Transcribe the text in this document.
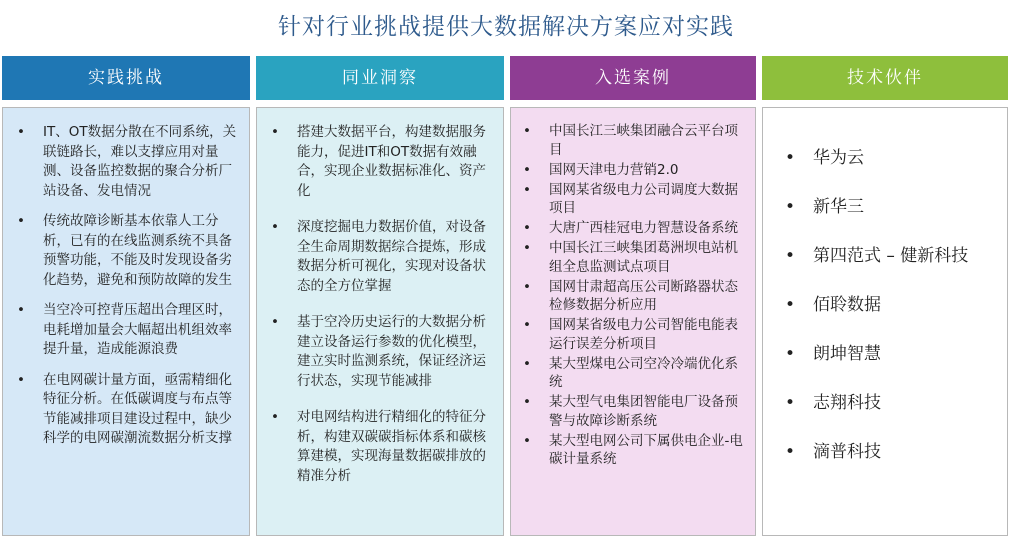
针对行业挑战提供大数据解决方案应对实践
实践挑战
• IT、OT数据分散在不同系统，关联链路长，难以支撑应用对量测、设备监控数据的聚合分析厂站设备、发电情况
• 传统故障诊断基本依靠人工分析，已有的在线监测系统不具备预警功能，不能及时发现设备劣化趋势，避免和预防故障的发生
• 当空冷可控背压超出合理区时，电耗增加量会大幅超出机组效率提升量，造成能源浪费
• 在电网碳计量方面，亟需精细化特征分析。在低碳调度与布点等节能减排项目建设过程中，缺少科学的电网碳潮流数据分析支撑
同业洞察
• 搭建大数据平台，构建数据服务能力，促进IT和OT数据有效融合，实现企业数据标准化、资产化
• 深度挖掘电力数据价值，对设备全生命周期数据综合提炼，形成数据分析可视化，实现对设备状态的全方位掌握
• 基于空冷历史运行的大数据分析建立设备运行参数的优化模型，建立实时监测系统，保证经济运行状态，实现节能减排
• 对电网结构进行精细化的特征分析，构建双碳碳指标体系和碳核算建模，实现海量数据碳排放的精准分析
入选案例
• 中国长江三峡集团融合云平台项目
• 国网天津电力营销2.0
• 国网某省级电力公司调度大数据项目
• 大唐广西桂冠电力智慧设备系统
• 中国长江三峡集团葛洲坝电站机组全息监测试点项目
• 国网甘肃超高压公司断路器状态检修数据分析应用
• 国网某省级电力公司智能电能表运行误差分析项目
• 某大型煤电公司空冷冷端优化系统
• 某大型气电集团智能电厂设备预警与故障诊断系统
• 某大型电网公司下属供电企业-电碳计量系统
技术伙伴
• 华为云
• 新华三
• 第四范式 – 健新科技
• 佰聆数据
• 朗坤智慧
• 志翔科技
• 滴普科技
